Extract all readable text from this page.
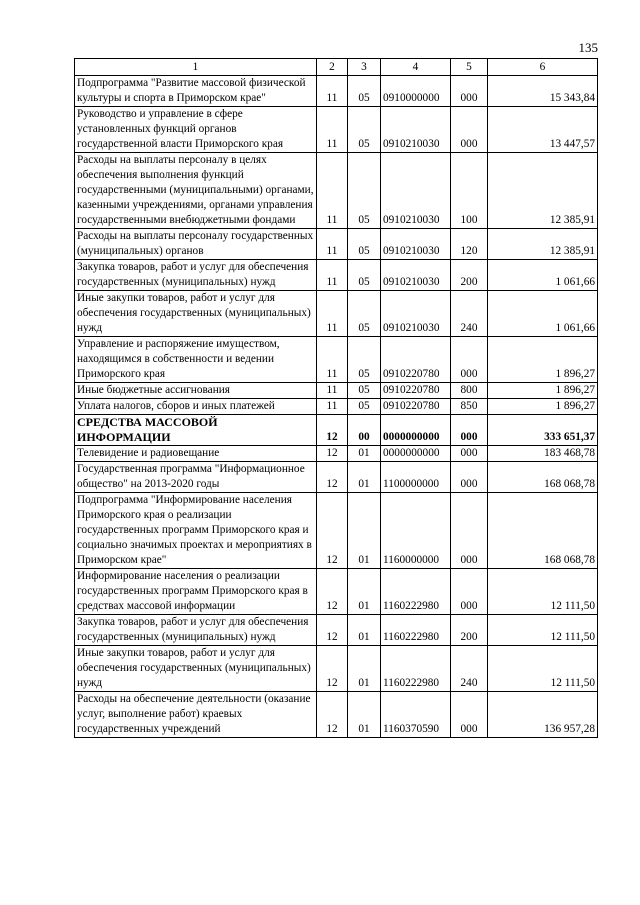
135
1	2	3	4	5	6
Подпрограмма "Развитие массовой физической культуры и спорта в Приморском крае"	11	05	0910000000	000	15 343,84
Руководство и управление в сфере установленных функций органов государственной власти Приморского края	11	05	0910210030	000	13 447,57
Расходы на выплаты персоналу в целях обеспечения выполнения функций государственными (муниципальными) органами, казенными учреждениями, органами управления государственными внебюджетными фондами	11	05	0910210030	100	12 385,91
Расходы на выплаты персоналу государственных (муниципальных) органов	11	05	0910210030	120	12 385,91
Закупка товаров, работ и услуг для обеспечения государственных (муниципальных) нужд	11	05	0910210030	200	1 061,66
Иные закупки товаров, работ и услуг для обеспечения государственных (муниципальных) нужд	11	05	0910210030	240	1 061,66
Управление и распоряжение имуществом, находящимся в собственности и ведении Приморского края	11	05	0910220780	000	1 896,27
Иные бюджетные ассигнования	11	05	0910220780	800	1 896,27
Уплата налогов, сборов и иных платежей	11	05	0910220780	850	1 896,27
СРЕДСТВА МАССОВОЙ ИНФОРМАЦИИ	12	00	0000000000	000	333 651,37
Телевидение и радиовещание	12	01	0000000000	000	183 468,78
Государственная программа "Информационное общество" на 2013-2020 годы	12	01	1100000000	000	168 068,78
Подпрограмма "Информирование населения Приморского края о реализации государственных программ Приморского края и социально значимых проектах и мероприятиях в Приморском крае"	12	01	1160000000	000	168 068,78
Информирование населения о реализации государственных программ Приморского края в средствах массовой информации	12	01	1160222980	000	12 111,50
Закупка товаров, работ и услуг для обеспечения государственных (муниципальных) нужд	12	01	1160222980	200	12 111,50
Иные закупки товаров, работ и услуг для обеспечения государственных (муниципальных) нужд	12	01	1160222980	240	12 111,50
Расходы на обеспечение деятельности (оказание услуг, выполнение работ) краевых государственных учреждений	12	01	1160370590	000	136 957,28
